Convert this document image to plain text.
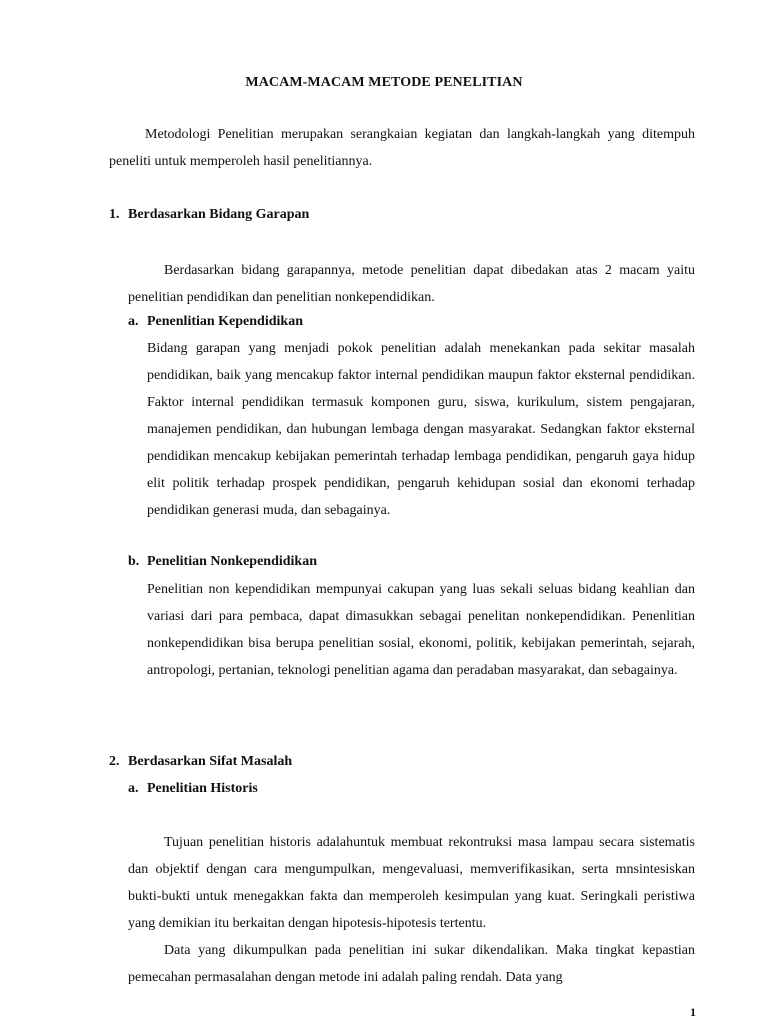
MACAM-MACAM METODE PENELITIAN

Metodologi Penelitian merupakan serangkaian kegiatan dan langkah-langkah yang ditempuh peneliti untuk memperoleh hasil penelitiannya.

1. Berdasarkan Bidang Garapan

Berdasarkan bidang garapannya, metode penelitian dapat dibedakan atas 2 macam yaitu penelitian pendidikan dan penelitian nonkependidikan.

a. Penenlitian Kependidikan

Bidang garapan yang menjadi pokok penelitian adalah menekankan pada sekitar masalah pendidikan, baik yang mencakup faktor internal pendidikan maupun faktor eksternal pendidikan. Faktor internal pendidikan termasuk komponen guru, siswa, kurikulum, sistem pengajaran, manajemen pendidikan, dan hubungan lembaga dengan masyarakat. Sedangkan faktor eksternal pendidikan mencakup kebijakan pemerintah terhadap lembaga pendidikan, pengaruh gaya hidup elit politik terhadap prospek pendidikan, pengaruh kehidupan sosial dan ekonomi terhadap pendidikan generasi muda, dan sebagainya.

b. Penelitian Nonkependidikan

Penelitian non kependidikan mempunyai cakupan yang luas sekali seluas bidang keahlian dan variasi dari para pembaca, dapat dimasukkan sebagai penelitan nonkependidikan. Penenlitian nonkependidikan bisa berupa penelitian sosial, ekonomi, politik, kebijakan pemerintah, sejarah, antropologi, pertanian, teknologi penelitian agama dan peradaban masyarakat, dan sebagainya.

2. Berdasarkan Sifat Masalah
a. Penelitian Historis

Tujuan penelitian historis adalahuntuk membuat rekontruksi masa lampau secara sistematis dan objektif dengan cara mengumpulkan, mengevaluasi, memverifikasikan, serta mnsintesiskan bukti-bukti untuk menegakkan fakta dan memperoleh kesimpulan yang kuat. Seringkali peristiwa yang demikian itu berkaitan dengan hipotesis-hipotesis tertentu.

Data yang dikumpulkan pada penelitian ini sukar dikendalikan. Maka tingkat kepastian pemecahan permasalahan dengan metode ini adalah paling rendah. Data yang

1
